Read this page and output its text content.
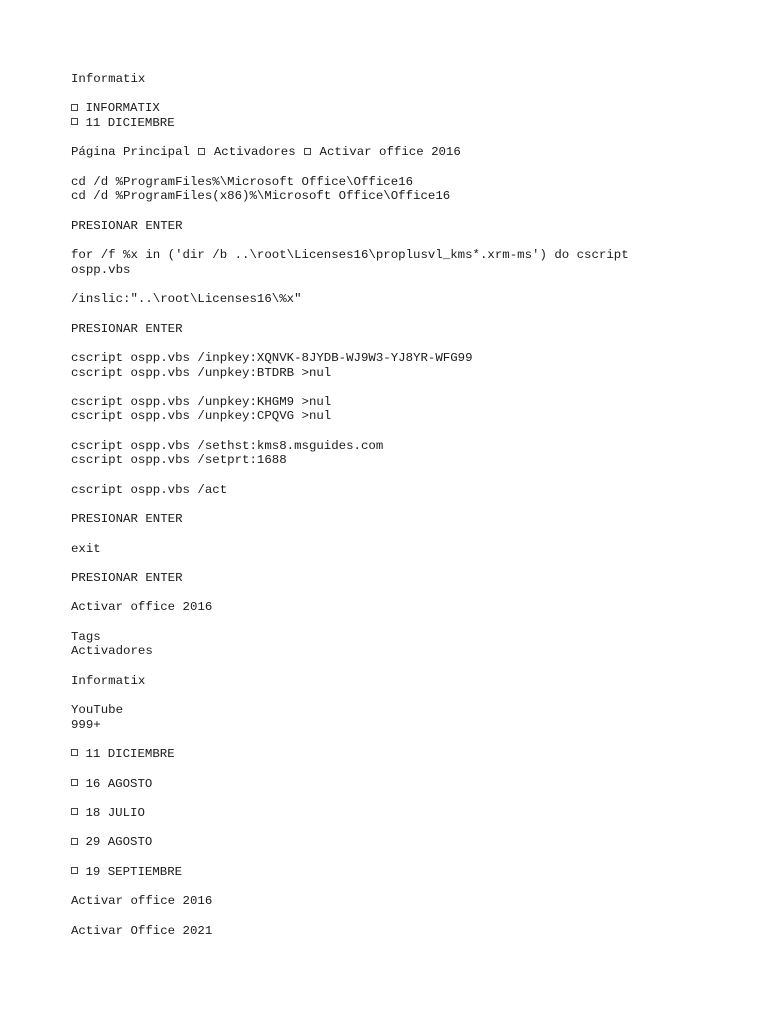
Informatix
INFORMATIX
11 DICIEMBRE
Página Principal Activadores Activar office 2016
cd /d %ProgramFiles%\Microsoft Office\Office16
cd /d %ProgramFiles(x86)%\Microsoft Office\Office16
PRESIONAR ENTER
for /f %x in ('dir /b ..\root\Licenses16\proplusvl_kms*.xrm-ms') do cscript ospp.vbs
/inslic:"..\root\Licenses16\%x"
PRESIONAR ENTER
cscript ospp.vbs /inpkey:XQNVK-8JYDB-WJ9W3-YJ8YR-WFG99
cscript ospp.vbs /unpkey:BTDRB >nul
cscript ospp.vbs /unpkey:KHGM9 >nul
cscript ospp.vbs /unpkey:CPQVG >nul
cscript ospp.vbs /sethst:kms8.msguides.com
cscript ospp.vbs /setprt:1688
cscript ospp.vbs /act
PRESIONAR ENTER
exit
PRESIONAR ENTER
Activar office 2016
Tags
Activadores
Informatix
YouTube
999+
11 DICIEMBRE
16 AGOSTO
18 JULIO
29 AGOSTO
19 SEPTIEMBRE
Activar office 2016
Activar Office 2021
